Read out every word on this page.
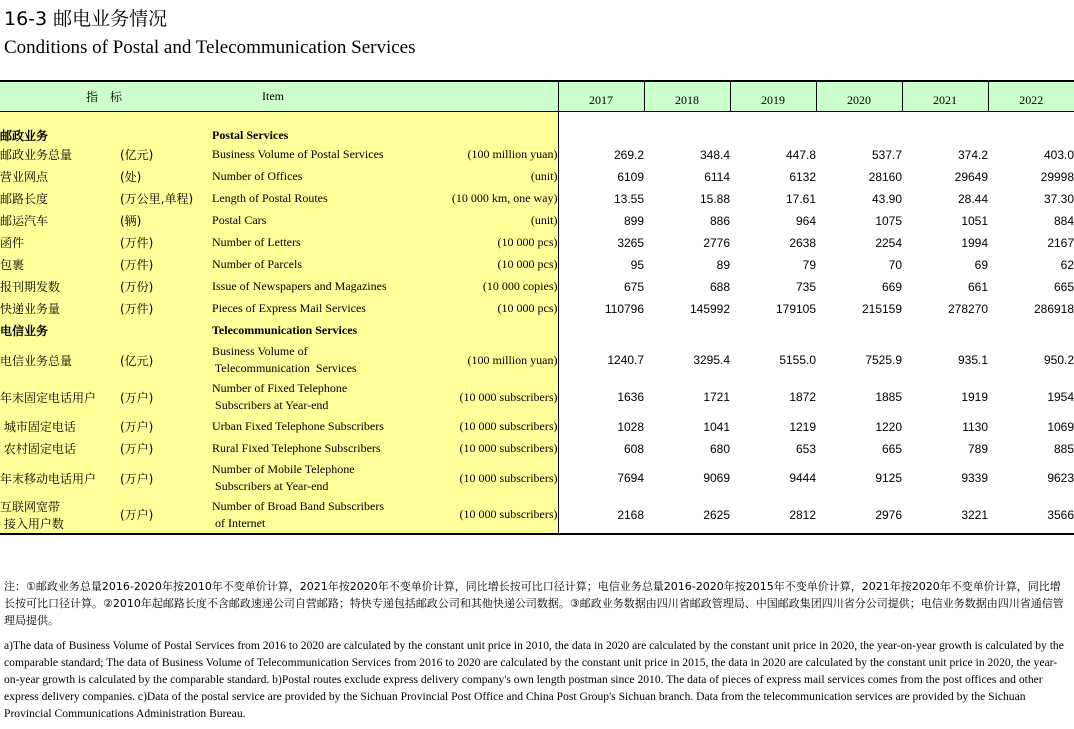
16-3 邮电业务情况
Conditions of Postal and Telecommunication Services
指　标		Item		2017	2018	2019	2020	2021	2022
邮政业务		Postal Services							
邮政业务总量	(亿元)	Business Volume of Postal Services	(100 million yuan)	269.2	348.4	447.8	537.7	374.2	403.0
营业网点	(处)	Number of Offices	(unit)	6109	6114	6132	28160	29649	29998
邮路长度	(万公里,单程)	Length of Postal Routes	(10 000 km, one way)	13.55	15.88	17.61	43.90	28.44	37.30
邮运汽车	(辆)	Postal Cars	(unit)	899	886	964	1075	1051	884
函件	(万件)	Number of Letters	(10 000 pcs)	3265	2776	2638	2254	1994	2167
包裹	(万件)	Number of Parcels	(10 000 pcs)	95	89	79	70	69	62
报刊期发数	(万份)	Issue of Newspapers and Magazines	(10 000 copies)	675	688	735	669	661	665
快递业务量	(万件)	Pieces of Express Mail Services	(10 000 pcs)	110796	145992	179105	215159	278270	286918
电信业务		Telecommunication Services							
电信业务总量	(亿元)	Business Volume of
Telecommunication  Services	(100 million yuan)	1240.7	3295.4	5155.0	7525.9	935.1	950.2
年末固定电话用户	(万户)	Number of Fixed Telephone
Subscribers at Year-end	(10 000 subscribers)	1636	1721	1872	1885	1919	1954
城市固定电话	(万户)	Urban Fixed Telephone Subscribers	(10 000 subscribers)	1028	1041	1219	1220	1130	1069
农村固定电话	(万户)	Rural Fixed Telephone Subscribers	(10 000 subscribers)	608	680	653	665	789	885
年末移动电话用户	(万户)	Number of Mobile Telephone
Subscribers at Year-end	(10 000 subscribers)	7694	9069	9444	9125	9339	9623
互联网宽带
接入用户数	(万户)	Number of Broad Band Subscribers
of Internet	(10 000 subscribers)	2168	2625	2812	2976	3221	3566
注：①邮政业务总量2016-2020年按2010年不变单价计算，2021年按2020年不变单价计算，同比增长按可比口径计算；电信业务总量2016-2020年按2015年不变单价计算，2021年按2020年不变单价计算，同比增长按可比口径计算。②2010年起邮路长度不含邮政速递公司自营邮路；特快专递包括邮政公司和其他快递公司数据。③邮政业务数据由四川省邮政管理局、中国邮政集团四川省分公司提供；电信业务数据由四川省通信管理局提供。
a)The data of Business Volume of Postal Services from 2016 to 2020 are calculated by the constant unit price in 2010, the data in 2020 are calculated by the constant unit price in 2020, the year-on-year growth is calculated by the comparable standard; The data of Business Volume of Telecommunication Services from 2016 to 2020 are calculated by the constant unit price in 2015, the data in 2020 are calculated by the constant unit price in 2020, the year-on-year growth is calculated by the comparable standard. b)Postal routes exclude express delivery company's own length postman since 2010. The data of pieces of express mail services comes from the post offices and other express delivery companies. c)Data of the postal service are provided by the Sichuan Provincial Post Office and China Post Group's Sichuan branch. Data from the telecommunication services are provided by the Sichuan Provincial Communications Administration Bureau.
